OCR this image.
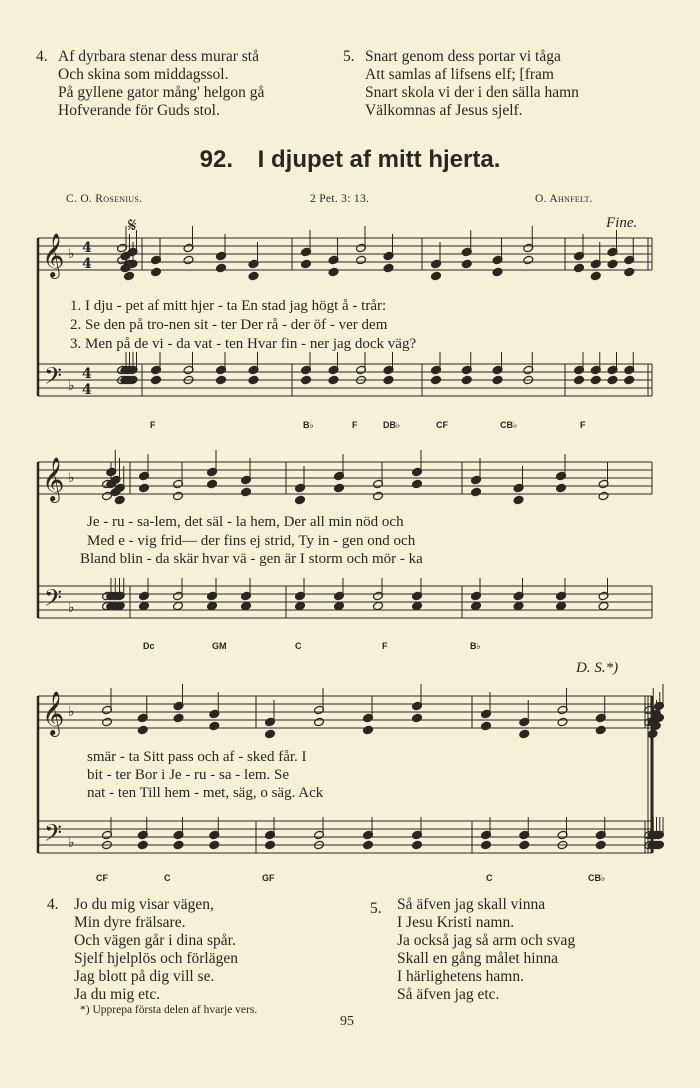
4. Af dyrbara stenar dess murar stå
Och skina som middagssol.
På gyllene gator mång' helgon gå
Hofverande för Guds stol.
5. Snart genom dess portar vi tåga
Att samlas af lifsens elf; [fram
Snart skola vi der i den sälla hamn
Välkomnas af Jesus sjelf.
92. I djupet af mitt hjerta.
C. O. Rosenius.	2 Pet. 3: 13.	O. Ahnfelt.
𝄞
𝄢
♭
♭
4
4
4
4
𝄋
𝄞
𝄢
♭
♭
𝄞
𝄢
♭
♭
Fine.
D. S.*)
1. I dju - pet af mitt hjer - ta En stad jag högt å - trår:
2. Se den på tro-nen sit - ter Der rå - der öf - ver dem
3. Men på de vi - da vat - ten Hvar fin - ner jag dock väg?
F	B♭	F	DB♭	CF	CB♭	F
Je - ru - sa-lem, det säl - la hem, Der all min nöd och
Med e - vig frid— der fins ej strid, Ty in - gen ond och
Bland blin - da skär hvar vä - gen är I storm och mör - ka
Dc	GM	C	F	B♭
smär - ta Sitt pass och af - sked får. I
bit - ter Bor i Je - ru - sa - lem. Se
nat - ten Till hem - met, säg, o säg. Ack
CF	C	GF	C	CB♭
4. Jo du mig visar vägen,
Min dyre frälsare.
Och vägen går i dina spår.
Sjelf hjelplös och förlägen
Jag blott på dig vill se.
Ja du mig etc.
5. Så äfven jag skall vinna
I Jesu Kristi namn.
Ja också jag så arm och svag
Skall en gång målet hinna
I härlighetens hamn.
Så äfven jag etc.
*) Upprepa första delen af hvarje vers.
95
